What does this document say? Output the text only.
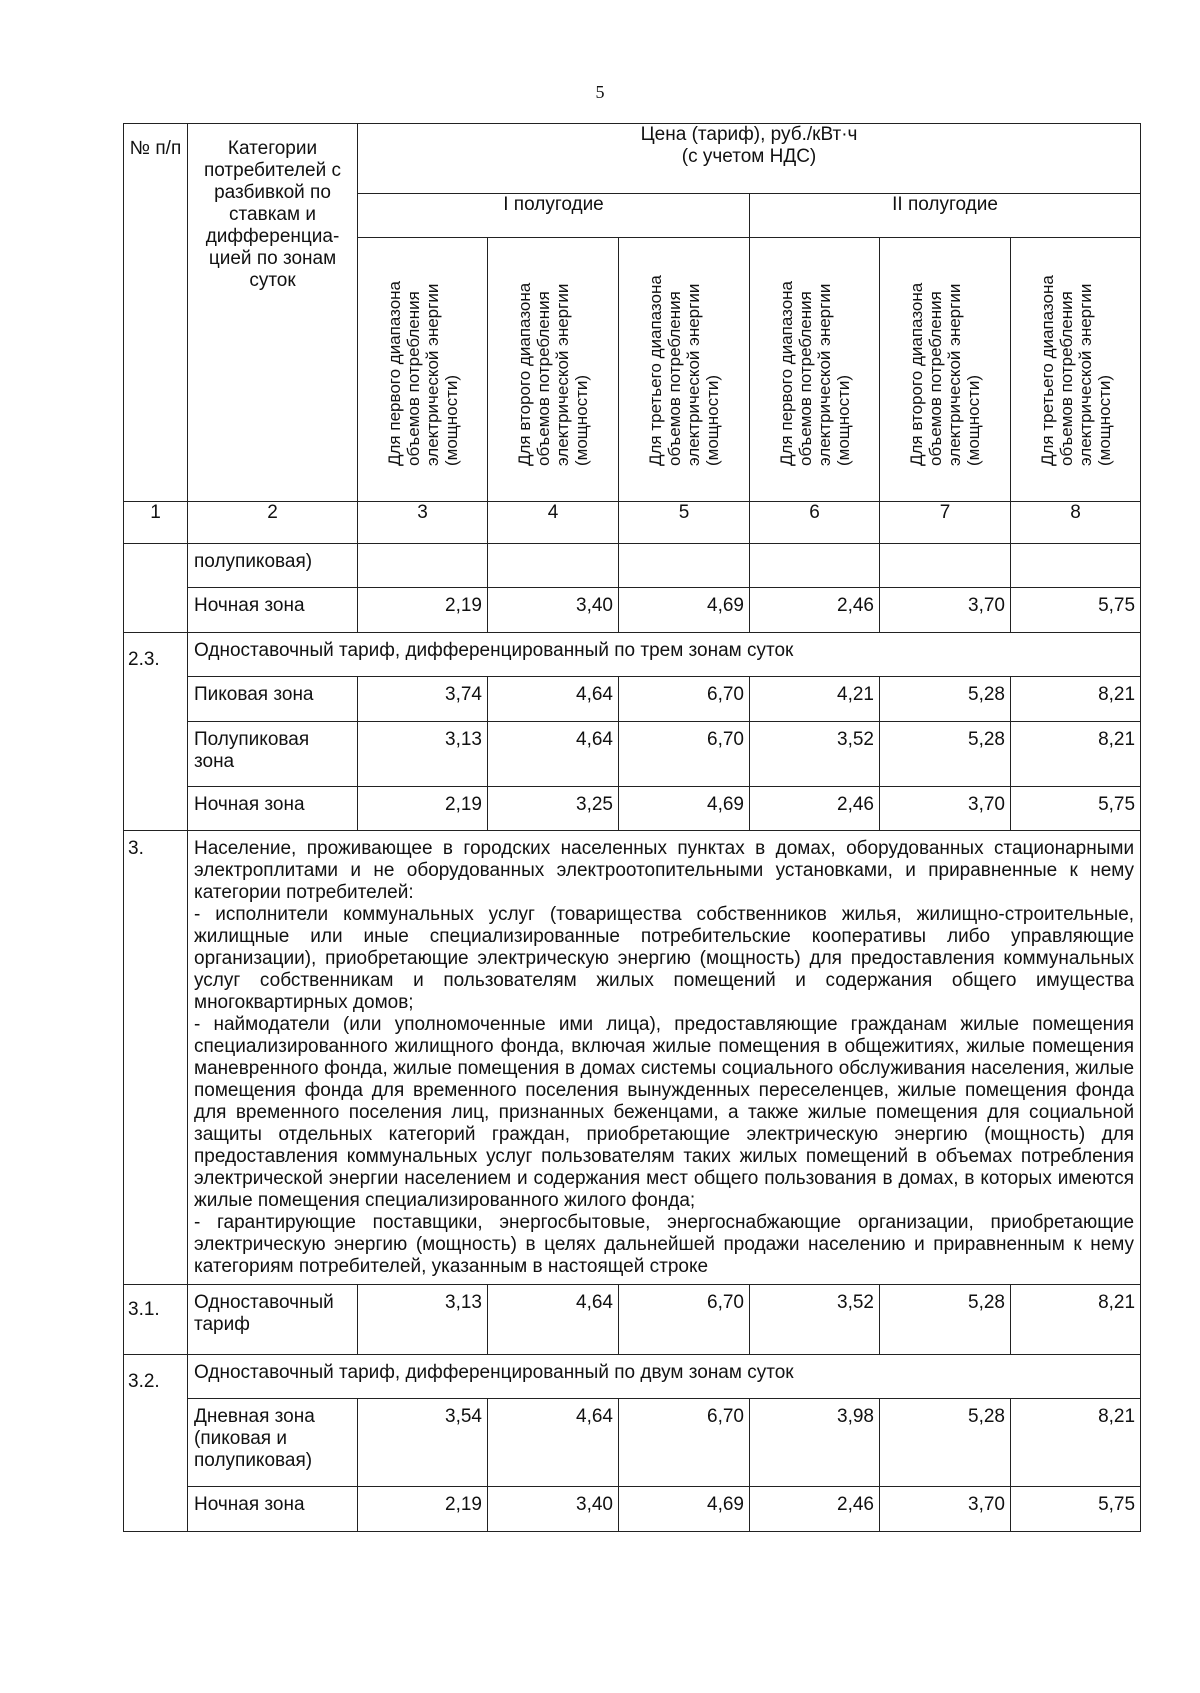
5
№ п/п	Категории потребителей с разбивкой по ставкам и дифференциа-цией по зонам суток	Цена (тариф), руб./кВт·ч
(с учетом НДС)					
		I полугодие			II полугодие		

		Для первого диапазона объемов потребления электрической энергии (мощности)	Для второго диапазона объемов потребления электрической энергии (мощности)	Для третьего диапазона объемов потребления электрической энергии (мощности)	Для первого диапазона объемов потребления электрической энергии (мощности)	Для второго диапазона объемов потребления электрической энергии (мощности)	Для третьего диапазона объемов потребления электрической энергии (мощности)

1	2	3	4	5	6	7	8
	полупиковая)						
	Ночная зона	2,19	3,40	4,69	2,46	3,70	5,75
2.3.	Одноставочный тариф, дифференцированный по трем зонам суток						
	Пиковая зона	3,74	4,64	6,70	4,21	5,28	8,21
	Полупиковая зона	3,13	4,64	6,70	3,52	5,28	8,21
	Ночная зона	2,19	3,25	4,69	2,46	3,70	5,75
3.	Население, проживающее в городских населенных пунктах в домах, оборудованных стационарными электроплитами и не оборудованных электроотопительными установками, и приравненные к нему категории потребителей:
- исполнители коммунальных услуг (товарищества собственников жилья, жилищно-строительные, жилищные или иные специализированные потребительские кооперативы либо управляющие организации), приобретающие электрическую энергию (мощность) для предоставления коммунальных услуг собственникам и пользователям жилых помещений и содержания общего имущества многоквартирных домов;
- наймодатели (или уполномоченные ими лица), предоставляющие гражданам жилые помещения специализированного жилищного фонда, включая жилые помещения в общежитиях, жилые помещения маневренного фонда, жилые помещения в домах системы социального обслуживания населения, жилые помещения фонда для временного поселения вынужденных переселенцев, жилые помещения фонда для временного поселения лиц, признанных беженцами, а также жилые помещения для социальной защиты отдельных категорий граждан, приобретающие электрическую энергию (мощность) для предоставления коммунальных услуг пользователям таких жилых помещений в объемах потребления электрической энергии населением и содержания мест общего пользования в домах, в которых имеются жилые помещения специализированного жилого фонда;
- гарантирующие поставщики, энергосбытовые, энергоснабжающие организации, приобретающие электрическую энергию (мощность) в целях дальнейшей продажи населению и приравненным к нему категориям потребителей, указанным в настоящей строке						
3.1.	Одноставочный тариф	3,13	4,64	6,70	3,52	5,28	8,21
3.2.	Одноставочный тариф, дифференцированный по двум зонам суток						
	Дневная зона (пиковая и полупиковая)	3,54	4,64	6,70	3,98	5,28	8,21
	Ночная зона	2,19	3,40	4,69	2,46	3,70	5,75
